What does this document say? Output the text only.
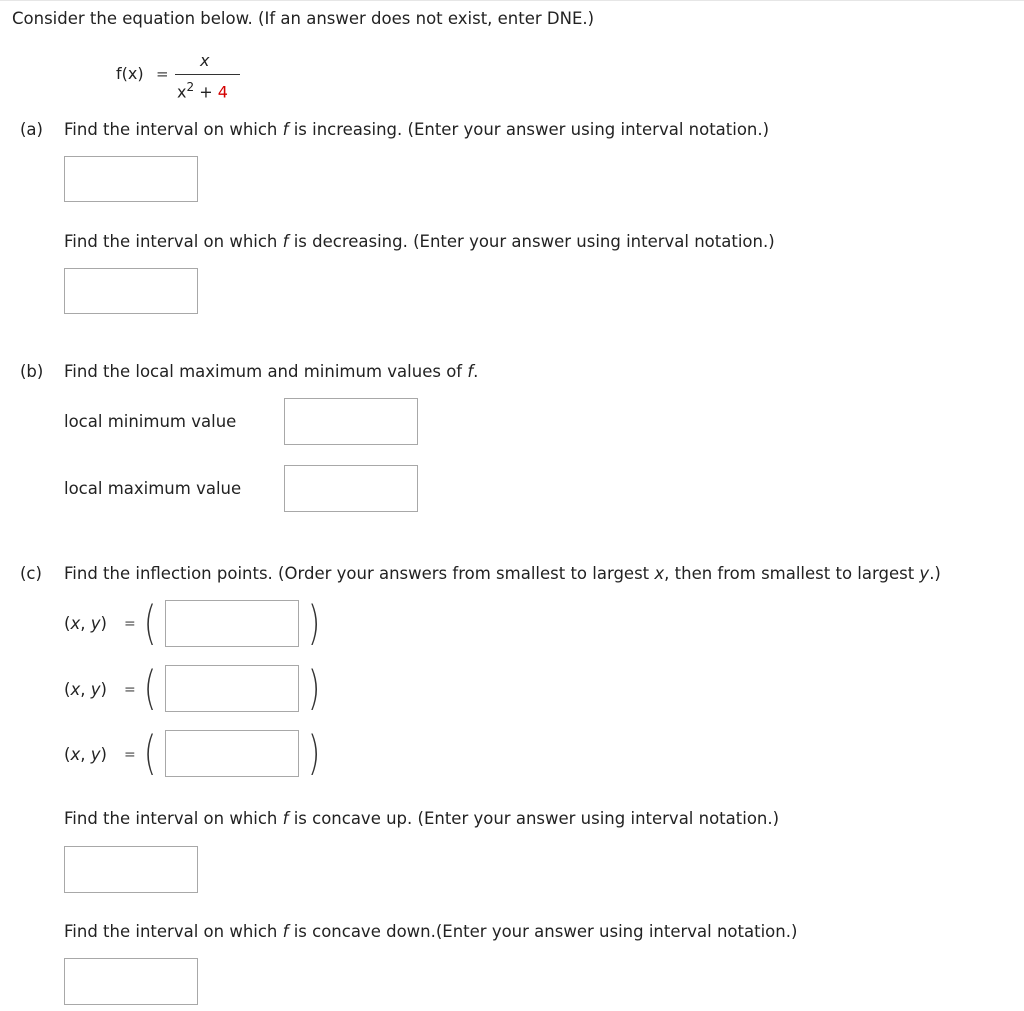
Consider the equation below. (If an answer does not exist, enter DNE.)
f(x) =
x
$x^2 + 4$
(a) Find the interval on which f is increasing. (Enter your answer using interval notation.)
Find the interval on which f is decreasing. (Enter your answer using interval notation.)
(b) Find the local maximum and minimum values of f.
local minimum value
local maximum value
(c) Find the inflection points. (Order your answers from smallest to largest x, then from smallest to largest y.)
(x, y) = (	)
(x, y) = (	)
(x, y) = (	)
Find the interval on which f is concave up. (Enter your answer using interval notation.)
Find the interval on which f is concave down.(Enter your answer using interval notation.)
